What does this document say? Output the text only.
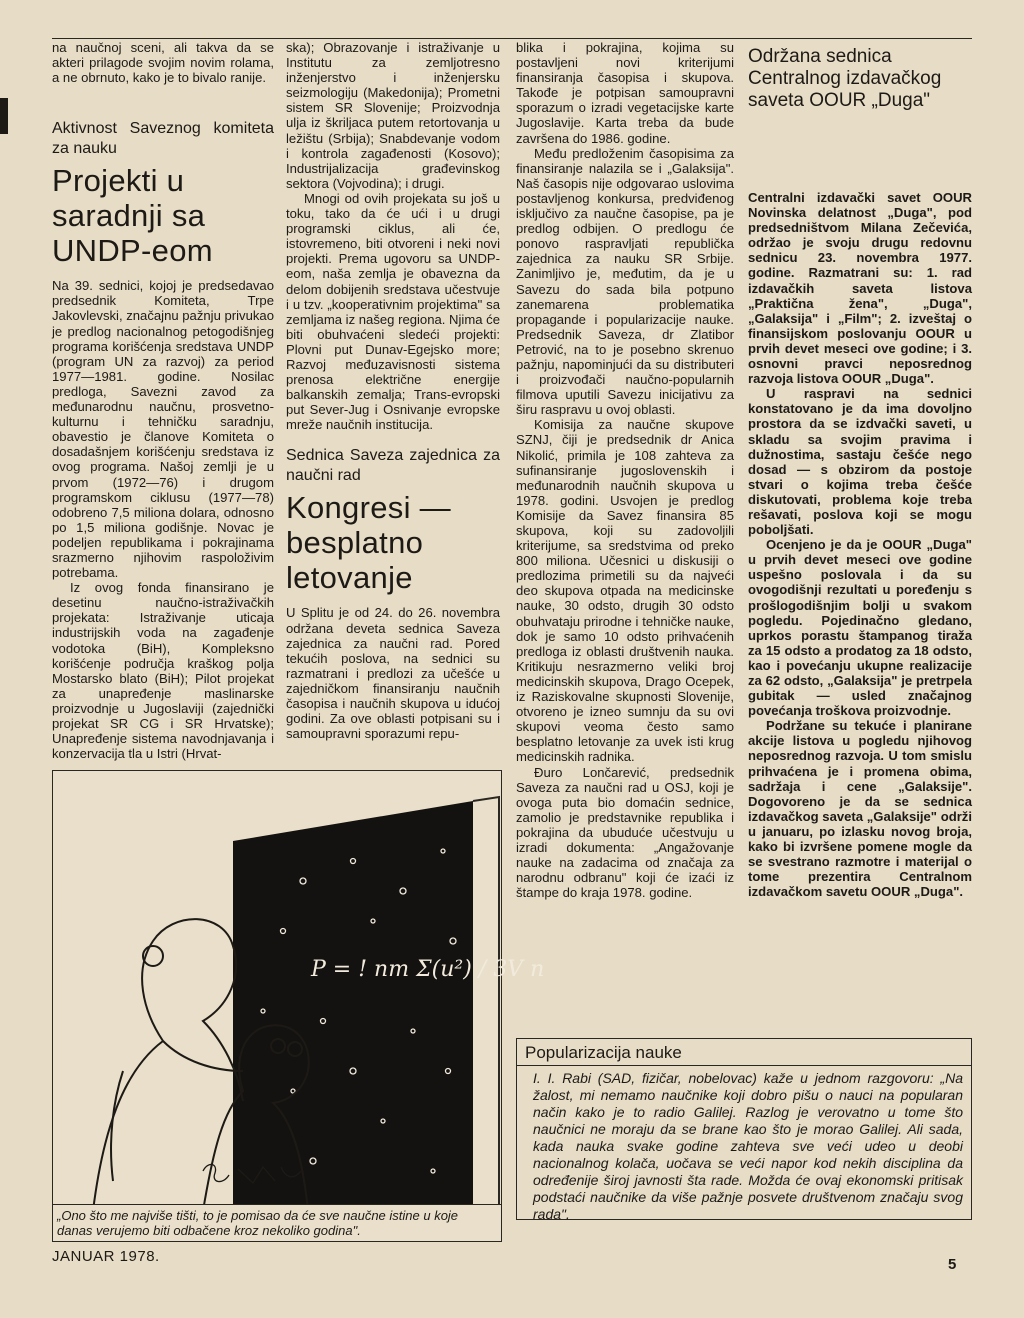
na naučnoj sceni, ali takva da se akteri prilagode svojim novim rolama, a ne obrnuto, kako je to bivalo ranije.

Aktivnost Saveznog komiteta za nauku

Projekti u saradnji sa UNDP-eom

Na 39. sednici, kojoj je predsedavao predsednik Komiteta, Trpe Jakovlevski, značajnu pažnju privukao je predlog nacionalnog petogodišnjeg programa korišćenja sredstava UNDP (program UN za razvoj) za period 1977—1981. godine. Nosilac predloga, Savezni zavod za međunarodnu naučnu, prosvetno-kulturnu i tehničku saradnju, obavestio je članove Komiteta o dosadašnjem korišćenju sredstava iz ovog programa. Našoj zemlji je u prvom (1972—76) i drugom programskom ciklusu (1977—78) odobreno 7,5 miliona dolara, odnosno po 1,5 miliona godišnje. Novac je podeljen republikama i pokrajinama srazmerno njihovim raspoloživim potrebama.

Iz ovog fonda finansirano je desetinu naučno-istraživačkih projekata: Istraživanje uticaja industrijskih voda na zagađenje vodotoka (BiH), Kompleksno korišćenje područja kraškog polja Mostarsko blato (BiH); Pilot projekat za unapređenje maslinarske proizvodnje u Jugoslaviji (zajednički projekat SR CG i SR Hrvatske); Unapređenje sistema navodnjavanja i konzervacija tla u Istri (Hrvat-

ska); Obrazovanje i istraživanje u Institutu za zemljotresno inženjerstvo i inženjersku seizmologiju (Makedonija); Prometni sistem SR Slovenije; Proizvodnja ulja iz škriljaca putem retortovanja u ležištu (Srbija); Snabdevanje vodom i kontrola zagađenosti (Kosovo); Industrijalizacija građevinskog sektora (Vojvodina); i drugi.

Mnogi od ovih projekata su još u toku, tako da će ući i u drugi programski ciklus, ali će, istovremeno, biti otvoreni i neki novi projekti. Prema ugovoru sa UNDP-eom, naša zemlja je obavezna da delom dobijenih sredstava učestvuje i u tzv. „kooperativnim projektima" sa zemljama iz našeg regiona. Njima će biti obuhvaćeni sledeći projekti: Plovni put Dunav-Egejsko more; Razvoj međuzavisnosti sistema prenosa električne energije balkanskih zemalja; Trans-evropski put Sever-Jug i Osnivanje evropske mreže naučnih institucija.

Sednica Saveza zajednica za naučni rad

Kongresi — besplatno letovanje

U Splitu je od 24. do 26. novembra održana deveta sednica Saveza zajednica za naučni rad. Pored tekućih poslova, na sednici su razmatrani i predlozi za učešće u zajedničkom finansiranju naučnih časopisa i naučnih skupova u idućoj godini. Za ove oblasti potpisani su i samoupravni sporazumi repu-

blika i pokrajina, kojima su postavljeni novi kriterijumi finansiranja časopisa i skupova. Takođe je potpisan samoupravni sporazum o izradi vegetacijske karte Jugoslavije. Karta treba da bude završena do 1986. godine.

Među predloženim časopisima za finansiranje nalazila se i „Galaksija". Naš časopis nije odgovarao uslovima postavljenog konkursa, predviđenog isključivo za naučne časopise, pa je predlog odbijen. O predlogu će ponovo raspravljati republička zajednica za nauku SR Srbije. Zanimljivo je, međutim, da je u Savezu do sada bila potpuno zanemarena problematika propagande i popularizacije nauke. Predsednik Saveza, dr Zlatibor Petrović, na to je posebno skrenuo pažnju, napominjući da su distributeri i proizvođači naučno-popularnih filmova uputili Savezu inicijativu za širu raspravu u ovoj oblasti.

Komisija za naučne skupove SZNJ, čiji je predsednik dr Anica Nikolić, primila je 108 zahteva za sufinansiranje jugoslovenskih i međunarodnih naučnih skupova u 1978. godini. Usvojen je predlog Komisije da Savez finansira 85 skupova, koji su zadovoljili kriterijume, sa sredstvima od preko 800 miliona. Učesnici u diskusiji o predlozima primetili su da najveći deo skupova otpada na medicinske nauke, 30 odsto, drugih 30 odsto obuhvataju prirodne i tehničke nauke, dok je samo 10 odsto prihvaćenih predloga iz oblasti društvenih nauka. Kritikuju nesrazmerno veliki broj medicinskih skupova, Drago Ocepek, iz Raziskovalne skupnosti Slovenije, otvoreno je izneo sumnju da su ovi skupovi veoma često samo besplatno letovanje za uvek isti krug medicinskih radnika.

Đuro Lončarević, predsednik Saveza za naučni rad u OSJ, koji je ovoga puta bio domaćin sednice, zamolio je predstavnike republika i pokrajina da ubuduće učestvuju u izradi dokumenta: „Angažovanje nauke na zadacima od značaja za narodnu odbranu" koji će izaći iz štampe do kraja 1978. godine.

Održana sednica Centralnog izdavačkog saveta OOUR „Duga"

Centralni izdavački savet OOUR Novinska delatnost „Duga", pod predsedništvom Milana Zečevića, održao je svoju drugu redovnu sednicu 23. novembra 1977. godine. Razmatrani su: 1. rad izdavačkih saveta listova „Praktična žena", „Duga", „Galaksija" i „Film"; 2. izveštaj o finansijskom poslovanju OOUR u prvih devet meseci ove godine; i 3. osnovni pravci neposrednog razvoja listova OOUR „Duga".

U raspravi na sednici konstatovano je da ima dovoljno prostora da se izdvački saveti, u skladu sa svojim pravima i dužnostima, sastaju češće nego dosad — s obzirom da postoje stvari o kojima treba češće diskutovati, problema koje treba rešavati, poslova koji se mogu poboljšati.

Ocenjeno je da je OOUR „Duga" u prvih devet meseci ove godine uspešno poslovala i da su ovogodišnji rezultati u poređenju s prošlogodišnjim bolji u svakom pogledu. Pojedinačno gledano, uprkos porastu štampanog tiraža za 15 odsto a prodatog za 18 odsto, kao i povećanju ukupne realizacije za 62 odsto, „Galaksija" je pretrpela gubitak — usled značajnog povećanja troškova proizvodnje.

Podržane su tekuće i planirane akcije listova u pogledu njihovog neposrednog razvoja. U tom smislu prihvaćena je i promena obima, sadržaja i cene „Galaksije". Dogovoreno je da se sednica izdavačkog saveta „Galaksije" održi u januaru, po izlasku novog broja, kako bi izvršene pomene mogle da se svestrano razmotre i materijal o tome prezentira Centralnom izdavačkom savetu OOUR „Duga".

P = ! nm Σ(u²) / 3V n
„Ono što me najviše tišti, to je pomisao da će sve naučne istine u koje danas verujemo biti odbačene kroz nekoliko godina".
Popularizacija nauke

I. I. Rabi (SAD, fizičar, nobelovac) kaže u jednom razgovoru: „Na žalost, mi nemamo naučnike koji dobro pišu o nauci na popularan način kako je to radio Galilej. Razlog je verovatno u tome što naučnici ne moraju da se brane kao što je morao Galilej. Ali sada, kada nauka svake godine zahteva sve veći udeo u deobi nacionalnog kolača, uočava se veći napor kod nekih disciplina da određenije široj javnosti šta rade. Možda će ovaj ekonomski pritisak podstaći naučnike da više pažnje posvete društvenom značaju svog rada".

JANUAR 1978.	5
